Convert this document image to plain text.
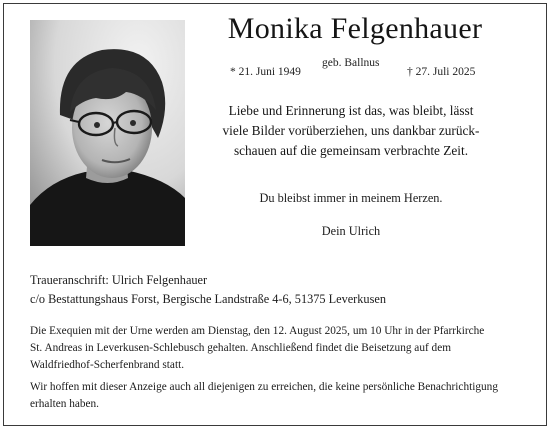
Monika Felgenhauer
geb. Ballnus
* 21. Juni 1949	† 27. Juli 2025
Liebe und Erinnerung ist das, was bleibt, lässt
viele Bilder vorüberziehen, uns dankbar zurück-
schauen auf die gemeinsam verbrachte Zeit.
Du bleibst immer in meinem Herzen.
Dein Ulrich
Traueranschrift: Ulrich Felgenhauer
c/o Bestattungshaus Forst, Bergische Landstraße 4-6, 51375 Leverkusen
Die Exequien mit der Urne werden am Dienstag, den 12. August 2025, um 10 Uhr in der Pfarrkirche
St. Andreas in Leverkusen-Schlebusch gehalten. Anschließend findet die Beisetzung auf dem
Waldfriedhof-Scherfenbrand statt.
Wir hoffen mit dieser Anzeige auch all diejenigen zu erreichen, die keine persönliche Benachrichtigung
erhalten haben.
